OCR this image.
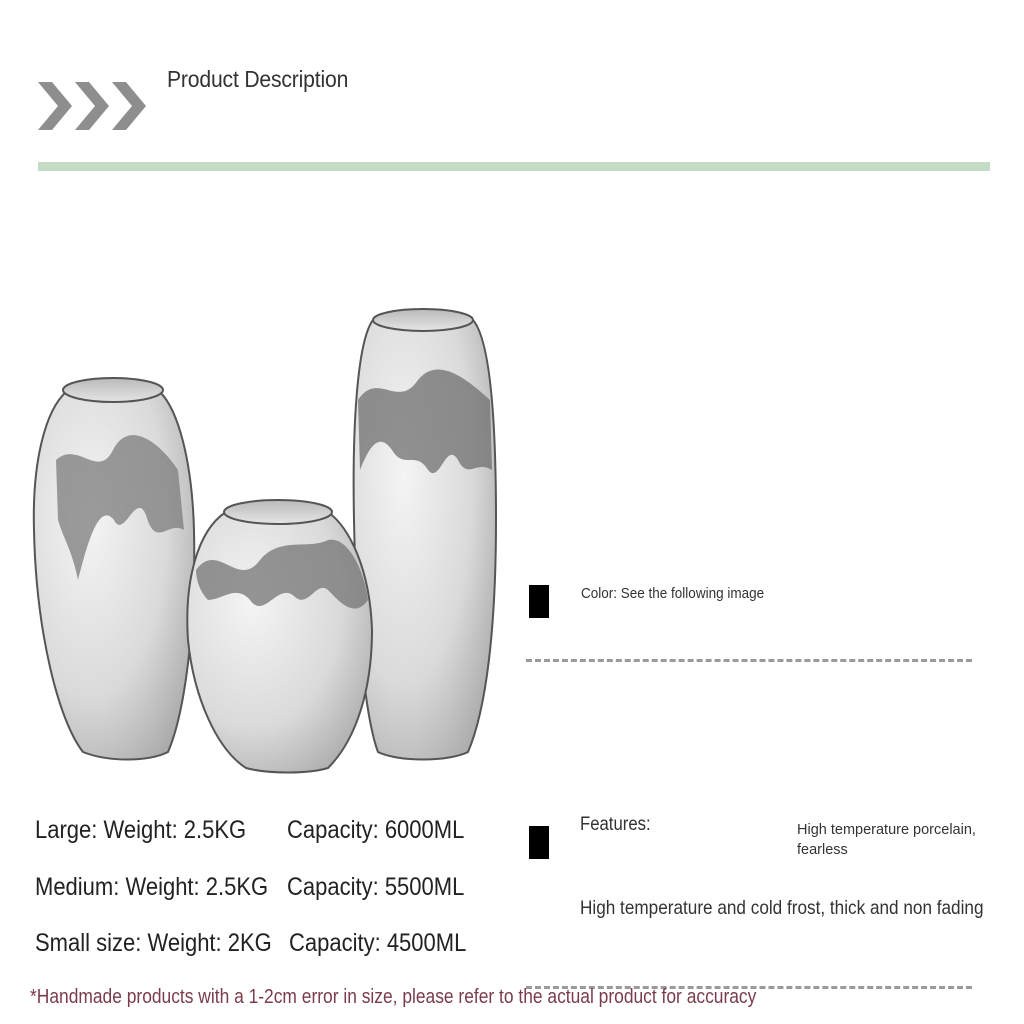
Product Description
Color: See the following image
Features:	High temperature porcelain, fearless
High temperature and cold frost, thick and non fading
Large: Weight: 2.5KG Capacity: 6000ML
Medium: Weight: 2.5KG Capacity: 5500ML
Small size: Weight: 2KG Capacity: 4500ML
*Handmade products with a 1-2cm error in size, please refer to the actual product for accuracy
